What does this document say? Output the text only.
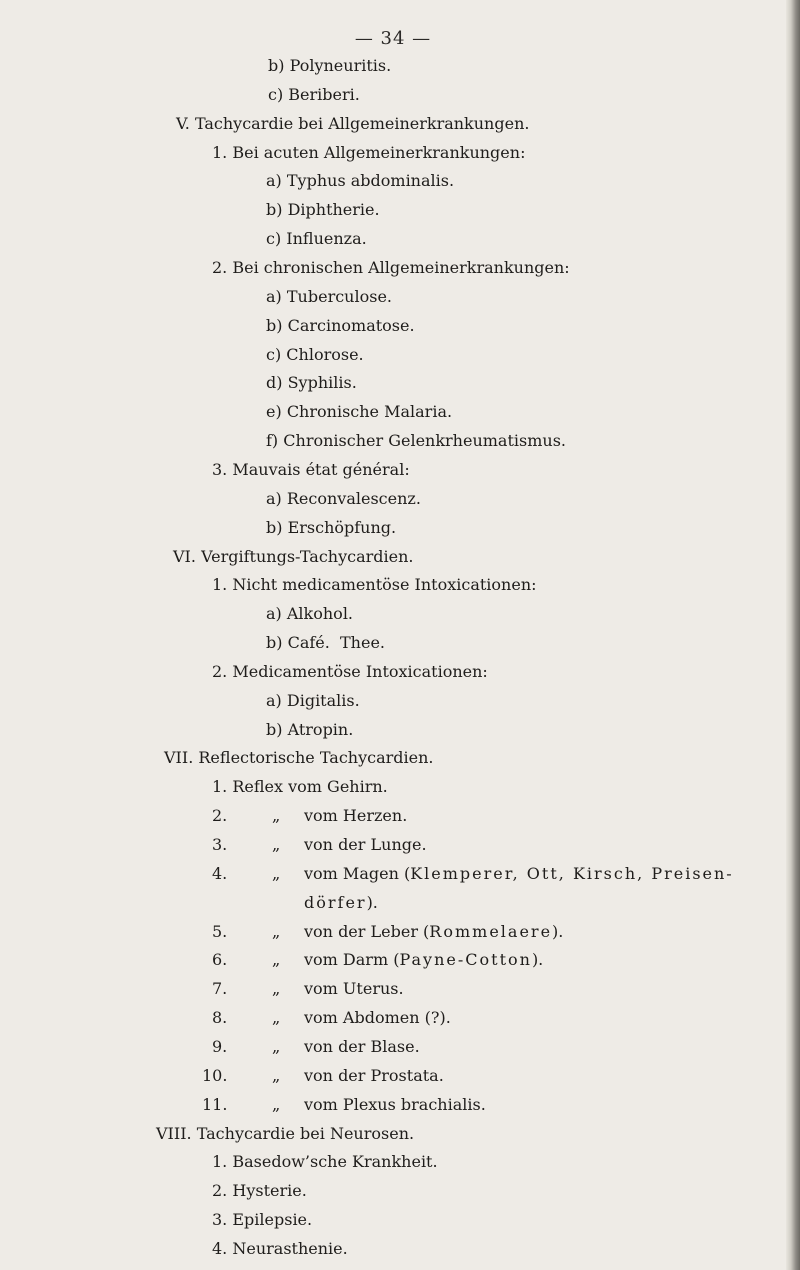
— 34 —
b) Polyneuritis.
c) Beriberi.
V. Tachycardie bei Allgemeinerkrankungen.
1. Bei acuten Allgemeinerkrankungen:
a) Typhus abdominalis.
b) Diphtherie.
c) Influenza.
2. Bei chronischen Allgemeinerkrankungen:
a) Tuberculose.
b) Carcinomatose.
c) Chlorose.
d) Syphilis.
e) Chronische Malaria.
f) Chronischer Gelenkrheumatismus.
3. Mauvais état général:
a) Reconvalescenz.
b) Erschöpfung.
VI. Vergiftungs-Tachycardien.
1. Nicht medicamentöse Intoxicationen:
a) Alkohol.
b) Café.  Thee.
2. Medicamentöse Intoxicationen:
a) Digitalis.
b) Atropin.
VII. Reflectorische Tachycardien.
1. Reflex vom Gehirn.
2.	„ vom Herzen.
3.	„ von der Lunge.
4.	„ vom Magen (Klemperer, Ott, Kirsch, Preisen-
dörfer).
5.	„ von der Leber (Rommelaere).
6.	„ vom Darm (Payne-Cotton).
7.	„ vom Uterus.
8.	„ vom Abdomen (?).
9.	„ von der Blase.
10.	„ von der Prostata.
11.	„ vom Plexus brachialis.
VIII. Tachycardie bei Neurosen.
1. Basedow’sche Krankheit.
2. Hysterie.
3. Epilepsie.
4. Neurasthenie.
